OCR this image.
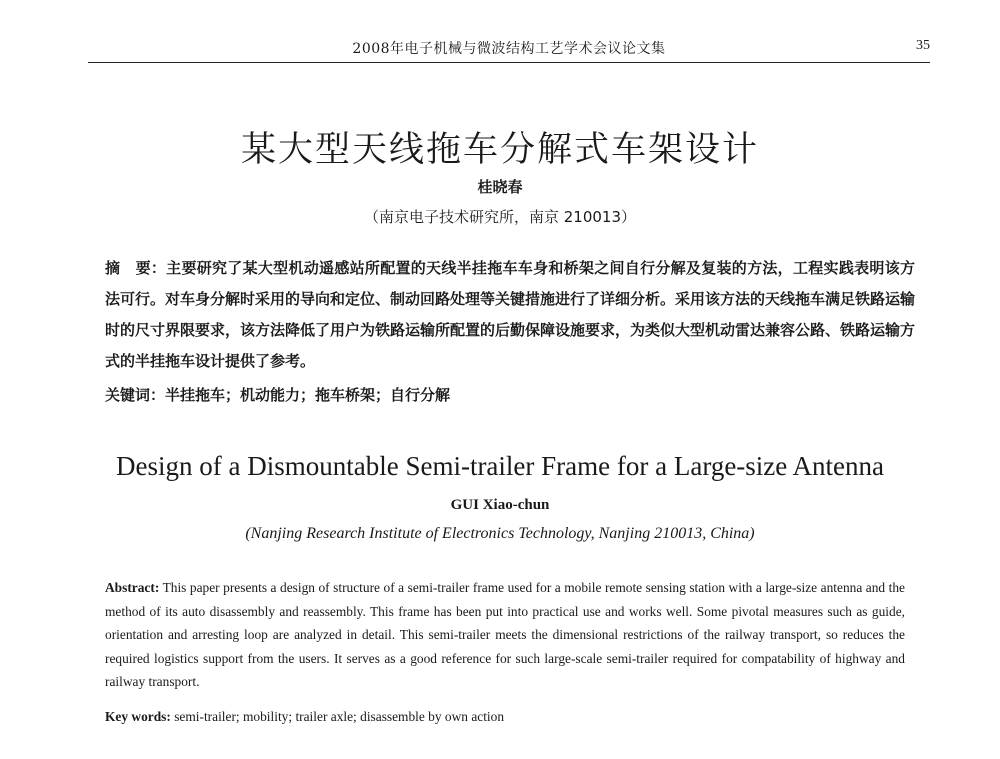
2008年电子机械与微波结构工艺学术会议论文集	35
某大型天线拖车分解式车架设计
桂晓春
（南京电子技术研究所，南京 210013）

摘　要：主要研究了某大型机动遥感站所配置的天线半挂拖车车身和桥架之间自行分解及复装的方法，工程实践表明该方法可行。对车身分解时采用的导向和定位、制动回路处理等关键措施进行了详细分析。采用该方法的天线拖车满足铁路运输时的尺寸界限要求，该方法降低了用户为铁路运输所配置的后勤保障设施要求，为类似大型机动雷达兼容公路、铁路运输方式的半挂拖车设计提供了参考。

关键词：半挂拖车；机动能力；拖车桥架；自行分解
Design of a Dismountable Semi-trailer Frame for a Large-size Antenna
GUI Xiao-chun
(Nanjing Research Institute of Electronics Technology, Nanjing 210013, China)

Abstract: This paper presents a design of structure of a semi-trailer frame used for a mobile remote sensing station with a large-size antenna and the method of its auto disassembly and reassembly. This frame has been put into practical use and works well. Some pivotal measures such as guide, orientation and arresting loop are analyzed in detail. This semi-trailer meets the dimensional restrictions of the railway transport, so reduces the required logistics support from the users. It serves as a good reference for such large-scale semi-trailer required for compatability of highway and railway transport.

Key words: semi-trailer; mobility; trailer axle; disassemble by own action
